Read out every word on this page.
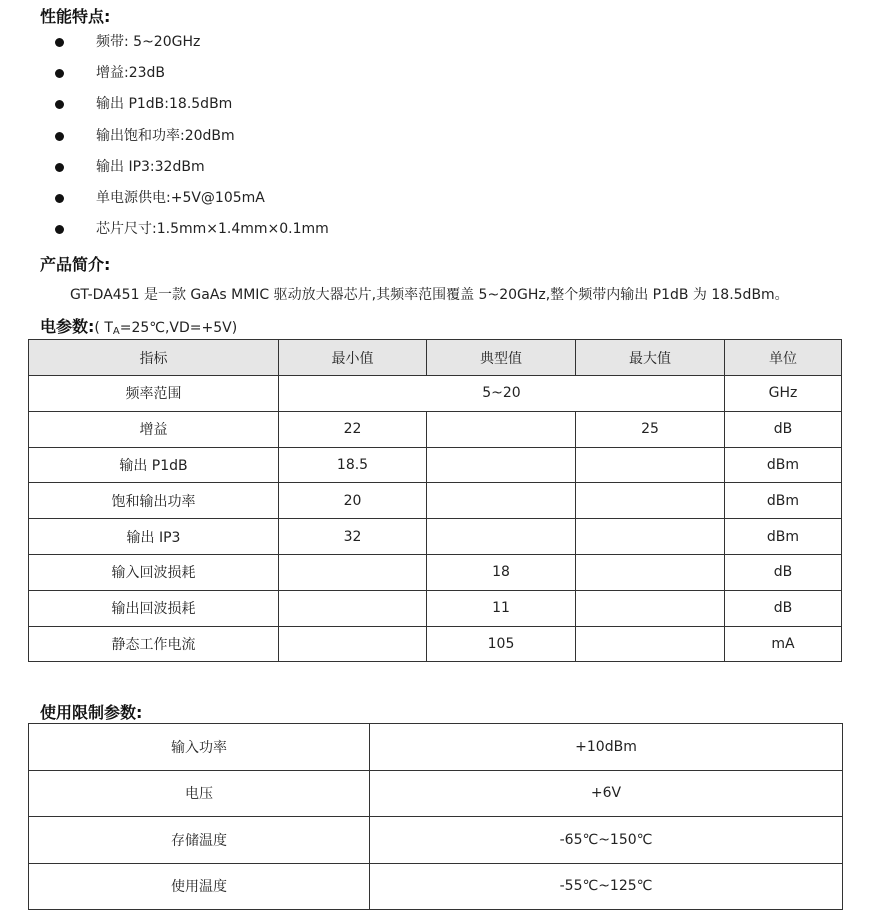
性能特点:
频带: 5~20GHz
增益:23dB
输出 P1dB:18.5dBm
输出饱和功率:20dBm
输出 IP3:32dBm
单电源供电:+5V@105mA
芯片尺寸:1.5mm×1.4mm×0.1mm
产品简介:
GT-DA451 是一款 GaAs MMIC 驱动放大器芯片,其频率范围覆盖 5~20GHz,整个频带内输出 P1dB 为 18.5dBm。
电参数:( $T_A=25℃,VD=+5V$)
指标	最小值	典型值	最大值	单位
频率范围	5~20			GHz
增益	22		25	dB
输出 P1dB	18.5			dBm
饱和输出功率	20			dBm
输出 IP3	32			dBm
输入回波损耗		18		dB
输出回波损耗		11		dB
静态工作电流		105		mA
使用限制参数:
输入功率	+10dBm
电压	+6V
存储温度	-65℃~150℃
使用温度	-55℃~125℃
